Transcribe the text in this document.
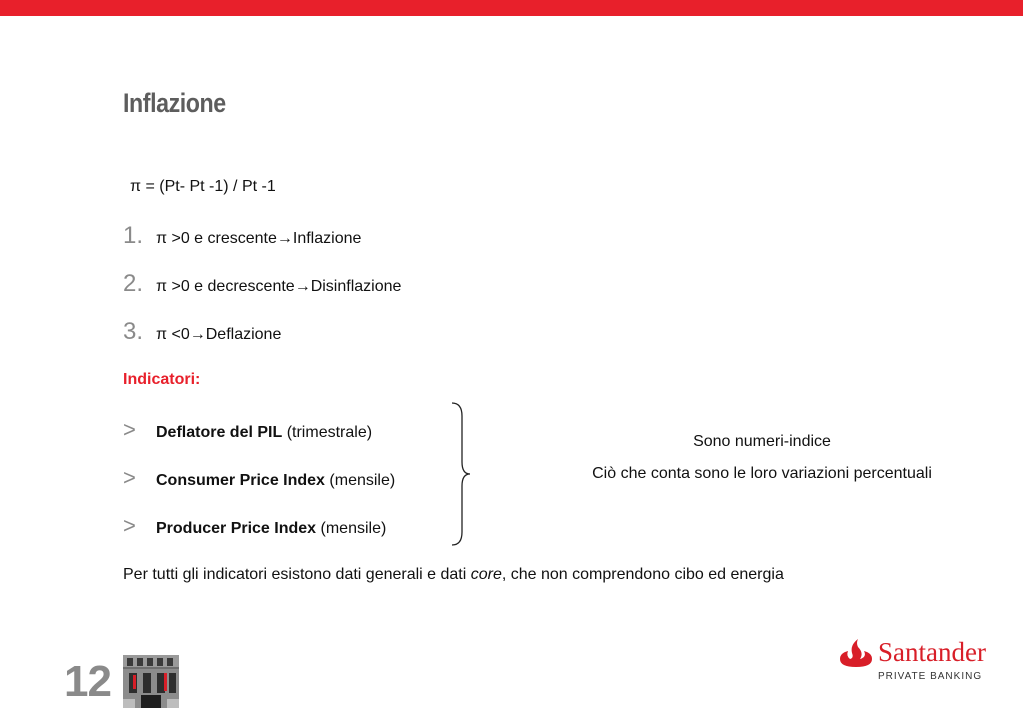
Inflazione
π = (Pt- Pt -1) / Pt -1
1. π >0 e crescente → Inflazione
2. π >0 e decrescente → Disinflazione
3. π <0 → Deflazione
Indicatori:
>	Deflatore del PIL
(trimestrale)
>	Consumer Price Index
(mensile)
>	Producer Price Index
(mensile)
Sono numeri-indice
Ciò che conta sono le loro variazioni percentuali
Per tutti gli indicatori esistono dati generali e dati core, che non comprendono cibo ed energia
12
Santander
PRIVATE BANKING
